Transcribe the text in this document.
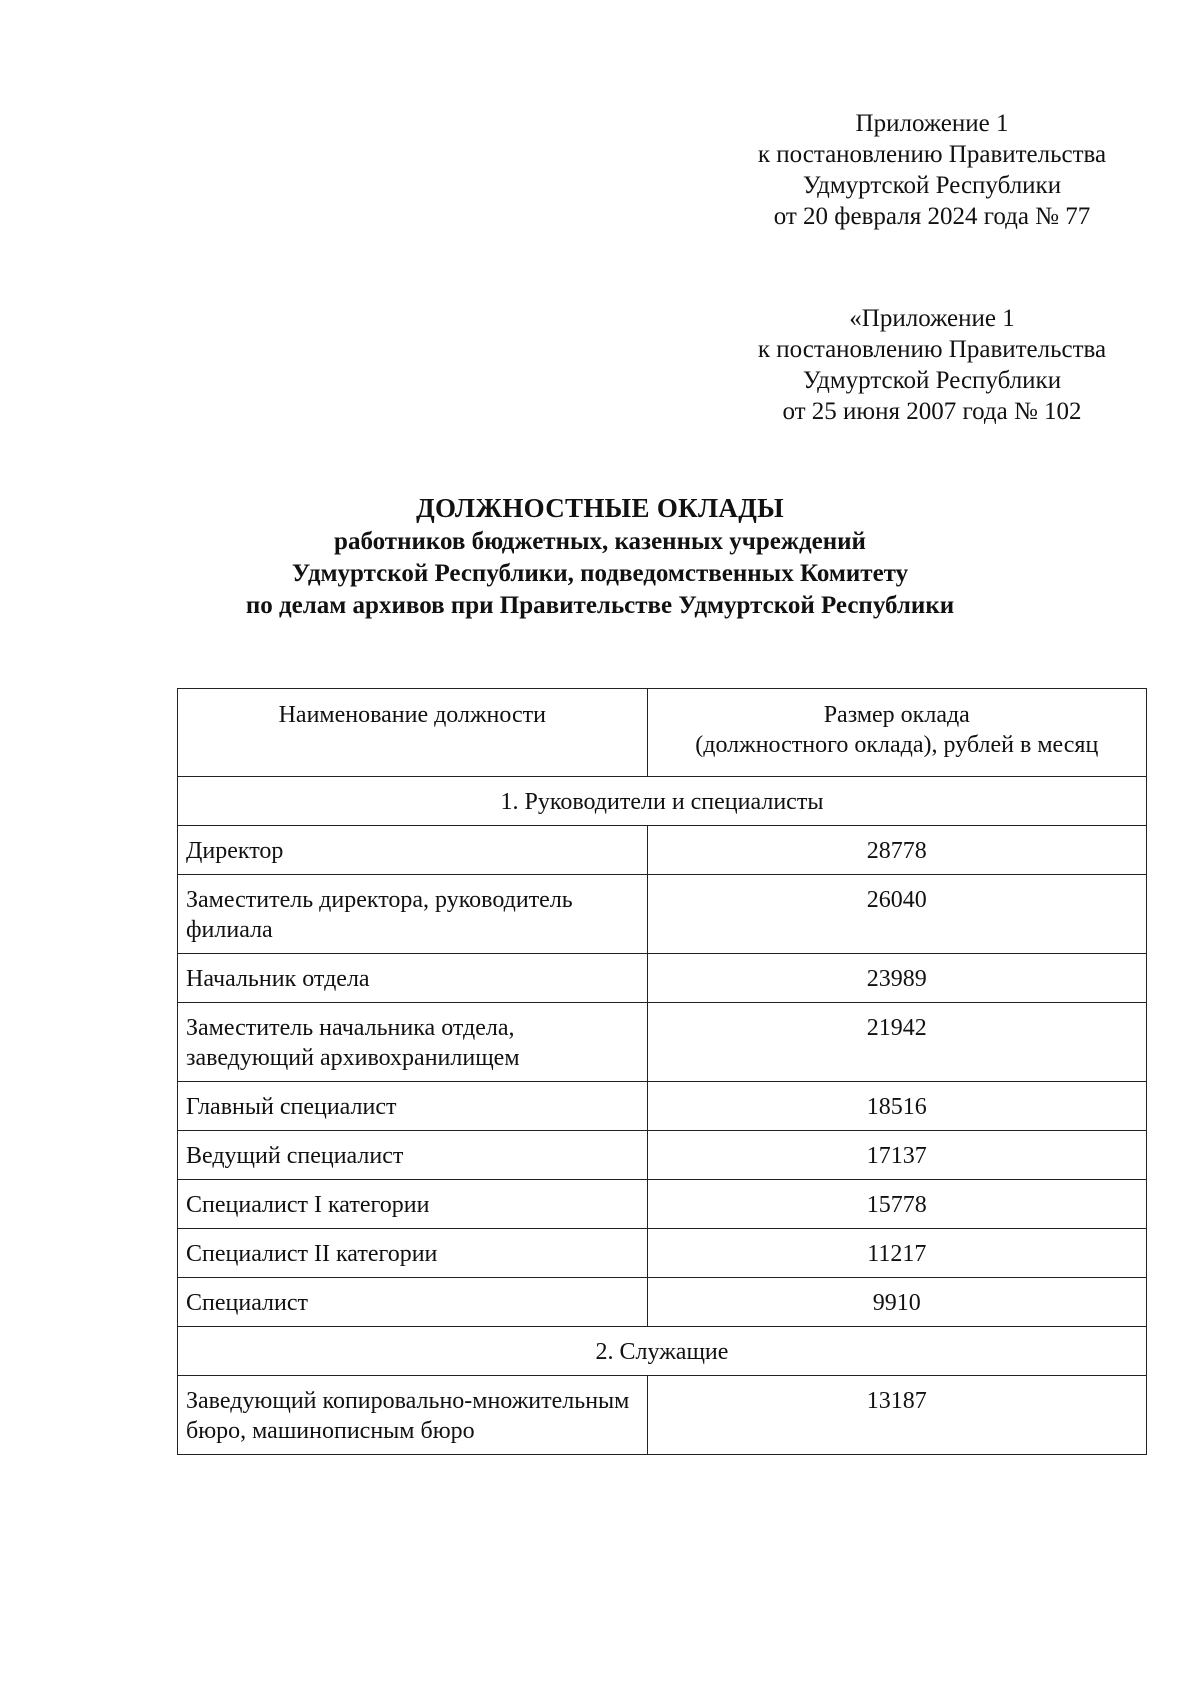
Приложение 1
к постановлению Правительства
Удмуртской Республики
от 20 февраля 2024 года № 77
«Приложение 1
к постановлению Правительства
Удмуртской Республики
от 25 июня 2007 года № 102
ДОЛЖНОСТНЫЕ ОКЛАДЫ
работников бюджетных, казенных учреждений
Удмуртской Республики, подведомственных Комитету
по делам архивов при Правительстве Удмуртской Республики
Наименование должности	Размер оклада
(должностного оклада), рублей в месяц
1. Руководители и специалисты	
Директор	28778
Заместитель директора, руководитель филиала	26040
Начальник отдела	23989
Заместитель начальника отдела, заведующий архивохранилищем	21942
Главный специалист	18516
Ведущий специалист	17137
Специалист I категории	15778
Специалист II категории	11217
Специалист	9910
2. Служащие	
Заведующий копировально-множительным бюро, машинописным бюро	13187
